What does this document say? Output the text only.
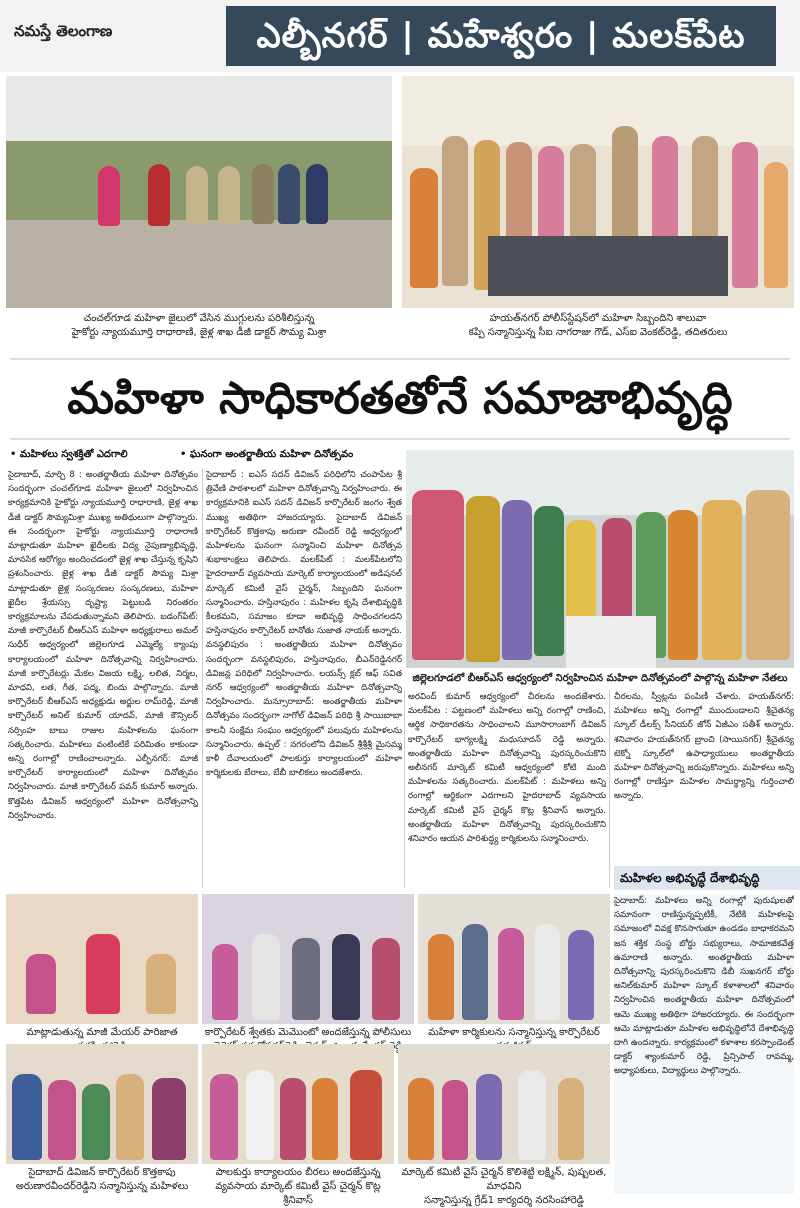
నమస్తే తెలంగాణ	ఎల్బీనగర్ | మహేశ్వరం | మలక్‌పేట
చంచల్‌గూడ మహిళా జైలులో వేసిన ముగ్గులను పరిశీలిస్తున్న
హైకోర్టు న్యాయమూర్తి రాధారాణి, జైళ్ల శాఖ డీజీ డాక్టర్ సౌమ్య మిశ్రా
హయత్‌నగర్ పోలీస్‌స్టేషన్‌లో మహిళా సిబ్బందిని శాలువా
కప్పి సన్మానిస్తున్న సీఐ నాగరాజు గౌడ్, ఎస్ఐ వెంకట్‌రెడ్డి, తదితరులు
మహిళా సాధికారతతోనే సమాజాభివృద్ధి
• మహిళలు స్వశక్తితో ఎదగాలి	• ఘనంగా అంతర్జాతీయ మహిళా దినోత్సవం
జిల్లెలగూడలో బీఆర్‌ఎస్ ఆధ్వర్యంలో నిర్వహించిన మహిళా దినోత్సవంలో పాల్గొన్న మహిళా నేతలు

సైదాబాద్, మార్చి 8 : అంతర్జాతీయ మహిళా దినోత్సవం సందర్భంగా చంచల్‌గూడ మహిళా జైలులో నిర్వహించిన కార్యక్రమానికి హైకోర్టు న్యాయమూర్తి రాధారాణి, జైళ్ల శాఖ డీజీ డాక్టర్ సౌమ్యమిశ్రా ముఖ్య అతిథులుగా పాల్గొన్నారు. ఈ సందర్భంగా హైకోర్టు న్యాయమూర్తి రాధారాణి మాట్లాడుతూ మహిళా ఖైదీలకు విద్య నైపుణ్యాభివృద్ధి, మానసిక ఆరోగ్యం అందించడంలో జైళ్ల శాఖ చేస్తున్న కృషిని ప్రశంసించారు. జైళ్ల శాఖ డీజీ డాక్టర్ సౌమ్య మిశ్రా మాట్లాడుతూ జైళ్ల సంస్కరణల సంస్కరణలు, మహిళా ఖైదీల శ్రేయస్సు దృష్ట్యా పెట్టుబడి నిరంతరం కార్యక్రమాలను చేపడుతున్నామని తెలిపారు. బడంగ్‌పేట్: మాజీ కార్పొరేటర్ బీఆర్‌ఎస్ మహిళా అధ్యక్షురాలు అమల్ సుధీర్ ఆధ్వర్యంలో జిల్లెలగూడ ఎమ్మెల్యే క్యాంపు కార్యాలయంలో మహిళా దినోత్సవాన్ని నిర్వహించారు. మాజీ కార్పొరేటర్లు మేకల విజయ లక్ష్మి, లలిత, నిర్మల, మాధవి, లత, గీత, పద్మ, బిందు పాల్గొన్నారు. మాజీ కార్పొరేటర్ బీఆర్‌ఎస్ అధ్యక్షుడు అర్జుల రామ్‌రెడ్డి, మాజీ కార్పొరేటర్ అనిల్ కుమార్ యాదవ్, మాజీ కౌన్సిలర్ నర్సింహ బాబు రాజుల మహిళలను ఘనంగా సత్కరించారు. మహిళలు వంటింటికే పరిమితం కాకుండా అన్ని రంగాల్లో రాణించాలన్నారు. ఎల్బీనగర్: మాజీ కార్పొరేటర్ కార్యాలయంలో మహిళా దినోత్సవం నిర్వహించారు. మాజీ కార్పొరేటర్ పవన్ కుమార్ అన్నారు. కొత్తపేట డివిజన్ ఆధ్వర్యంలో మహిళా దినోత్సవాన్ని నిర్వహించారు.

సైదాబాద్ : ఐఎస్ సదన్ డివిజన్ పరిధిలోని చంపాపేట శ్రీ త్రివేణి పాఠశాలలో మహిళా దినోత్సవాన్ని నిర్వహించారు. ఈ కార్యక్రమానికి ఐఎస్ సదన్ డివిజన్ కార్పొరేటర్ జంగం శ్వేత ముఖ్య అతిథిగా హాజరయ్యారు. సైదాబాద్ డివిజన్ కార్పొరేటర్ కొత్తకాపు అరుణా రవీందర్ రెడ్డి ఆధ్వర్యంలో మహిళలను ఘనంగా సన్మానించి మహిళా దినోత్సవ శుభాకాంక్షలు తెలిపారు. మలక్‌పేట్ : మలక్‌పేటలోని హైదరాబాద్ వ్యవసాయ మార్కెట్ కార్యాలయంలో అడిషనల్ మార్కెట్ కమిటీ వైస్ చైర్మన్, సిబ్బందిని ఘనంగా సన్మానించారు. హస్తినాపురం : మహిళల కృషి దేశాభివృద్ధికి కీలకమని, సమాజం కూడా అభివృద్ధి సాధించగలదని హస్తినాపురం కార్పొరేటర్ బానోతు సుజాత నాయక్ అన్నారు. వనస్థలిపురం : అంతర్జాతీయ మహిళా దినోత్సవం సందర్భంగా వనస్థలిపురం, హస్తినాపురం, బీఎన్‌రెడ్డినగర్ డివిజన్ల పరిధిలో నిర్వహించారు. లయన్స్ క్లబ్ ఆఫ్ సవిత నగర్ ఆధ్వర్యంలో అంతర్జాతీయ మహిళా దినోత్సవాన్ని నిర్వహించారు. మన్సూరాబాద్: అంతర్జాతీయ మహిళా దినోత్సవం సందర్భంగా నాగోల్ డివిజన్ పరిధి శ్రీ సాయిబాబా కాలనీ సంక్షేమ సంఘం ఆధ్వర్యంలో పలువురు మహిళలను సన్మానించారు. ఉప్పల్ : నగరంలోని డివిజన్ శ్రీశ్రీశ్రీ మైసమ్మ కాళీ దేవాలయంలో పాలకుర్తు కార్యాలయంలో మహిళా కార్మికులకు బేరాలు, బేబీ బాలికలు అందజేశారు.

అరవింద్ కుమార్ ఆధ్వర్యంలో చీరలను అందజేశారు. మలక్‌పేట : పట్టణంలో మహిళలు అన్ని రంగాల్లో రాణించి, ఆర్థిక సాధికారతను సాధించాలని మూసారాంబాగ్ డివిజన్ కార్పొరేటర్ భాగ్యలక్ష్మి మధుసూదన్ రెడ్డి అన్నారు. అంతర్జాతీయ మహిళా దినోత్సవాన్ని పురస్కరించుకొని అలీనగర్ మార్కెట్ కమిటీ ఆధ్వర్యంలో కోటి మంది మహిళలను సత్కరించారు. మలక్‌పేట్ : మహిళలు అన్ని రంగాల్లో ఆర్థికంగా ఎదగాలని హైదరాబాద్ వ్యవసాయ మార్కెట్ కమిటీ వైస్ చైర్మన్ కొట్ల శ్రీనివాస్ అన్నారు. అంతర్జాతీయ మహిళా దినోత్సవాన్ని పురస్కరించుకొని శనివారం ఆయన పారిశుద్ధ్య కార్మికులను సన్మానించారు.

చీరలను, స్వీట్లను పంపిణీ చేశారు. హయత్‌నగర్: మహిళలు అన్ని రంగాల్లో ముందుండాలని శ్రీచైతన్య స్కూల్ డీలక్స్ సీనియర్ జోన్ ఏజీఎం సతీశ్ అన్నారు. శనివారం హయత్‌నగర్ బ్రాంచి (సాయినగర్) శ్రీచైతన్య టెక్నో స్కూల్‌లో ఉపాధ్యాయులు అంతర్జాతీయ మహిళా దినోత్సవాన్ని జరుపుకొన్నారు. మహిళలు అన్ని రంగాల్లో రాణిస్తూ మహిళల సామర్థ్యాన్ని గుర్తించాలి అన్నారు.

మహిళల అభివృద్ధే దేశాభివృద్ధి

సైదాబాద్: మహిళలు అన్ని రంగాల్లో పురుషులతో సమానంగా రాణిస్తున్నప్పటికీ, నేటికి మహిళలపై సమాజంలో వివక్ష కొనసాగుతూ ఉండడం బాధాకరమని జన శక్తిక సంస్థ బోర్డు సభ్యురాలు, సామాజికవేత్త ఉమారాణి అన్నారు. అంతర్జాతీయ మహిళా దినోత్సవాన్ని పురస్కరించుకొని డిబీ సుఖనగర్ బోర్డు అనిల్‌కుమార్ మహిళా స్కూల్ కళాశాలలో శనివారం నిర్వహించిన అంతర్జాతీయ మహిళా దినోత్సవంలో ఆమె ముఖ్య అతిథిగా హాజరయ్యారు. ఈ సందర్భంగా ఆమె మాట్లాడుతూ మహిళల అభివృద్ధిలోనే దేశాభివృద్ధి దాగి ఉందన్నారు. కార్యక్రమంలో కళాశాల కరస్పాండెంట్ డాక్టర్ శ్యాంకుమార్ రెడ్డి, ప్రిన్సిపాల్ రావమ్మ, అధ్యాపకులు, విద్యార్థులు పాల్గొన్నారు.

మాట్లాడుతున్న మాజీ మేయర్ పారిజాత	కార్పొరేటర్ శ్వేతకు మెమొంటో అందజేస్తున్న పోలీసులు
రెడ్డి
మహిళా కార్మికులను సన్మానిస్తున్న కార్పొరేటర్
సైదాబాద్ డివిజన్ కార్పొరేటర్ కొత్తకాపు
అరుణారవీందర్‌రెడ్డిని సన్మానిస్తున్న మహిళలు
పాలకుర్తు కార్యాలయం బీరలు అందజేస్తున్న
వ్యవసాయ మార్కెట్ కమిటీ వైస్ చైర్మన్ కొట్ల శ్రీనివాస్
మార్కెట్ కమిటీ వైస్ చైర్మన్ కొలిశెట్టి లక్ష్మిన్, పుష్పలత, మాధవిని
సన్మానిస్తున్న గ్రేడ్1 కార్యదర్శి నరసింహారెడ్డి
